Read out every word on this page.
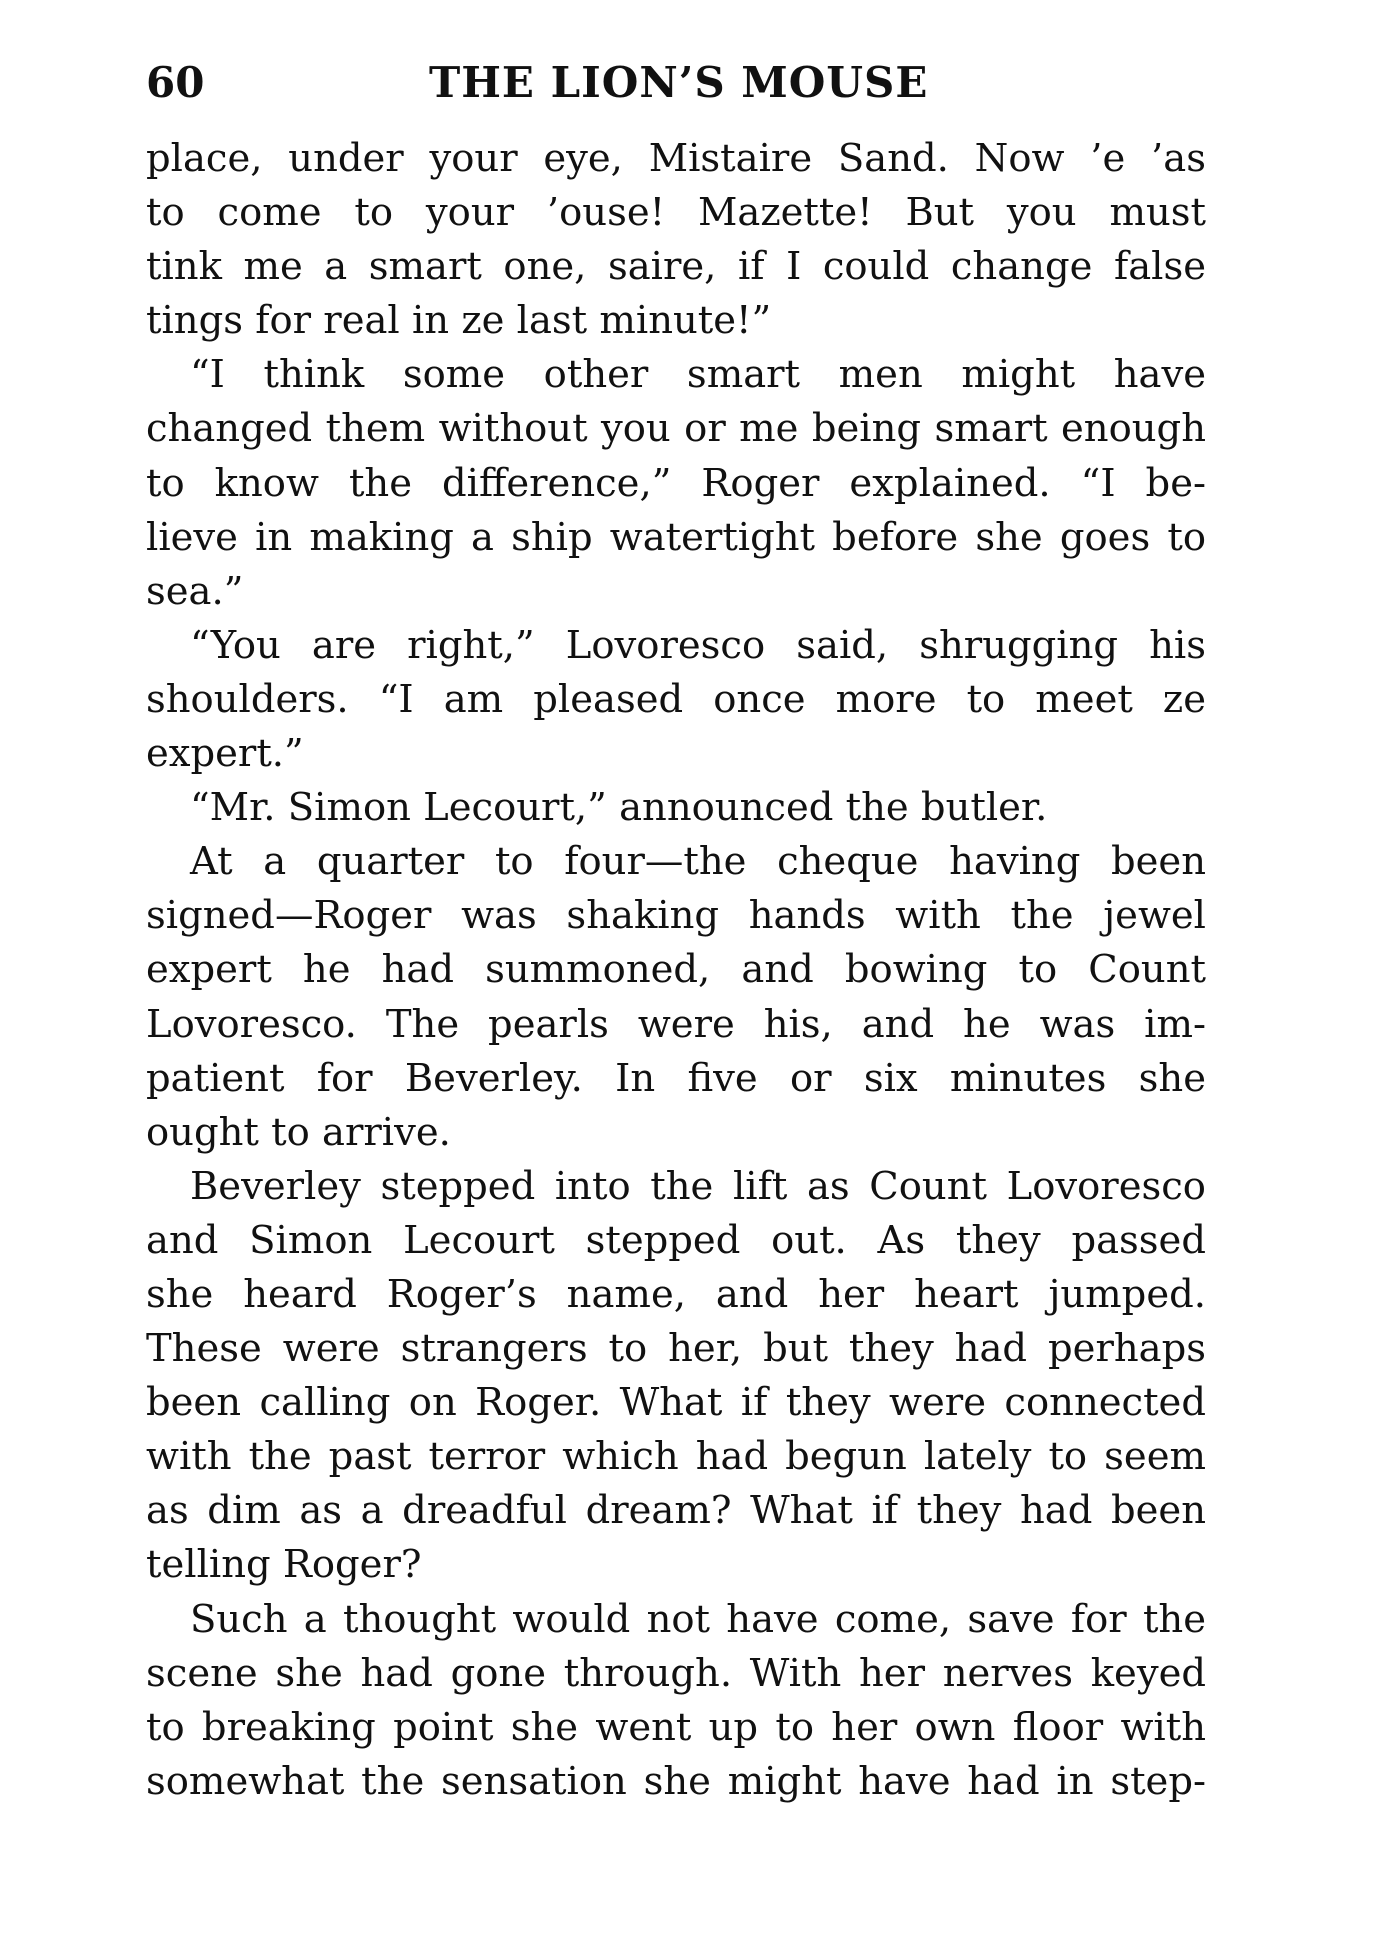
60	THE LION’S MOUSE
place, under your eye, Mistaire Sand. Now ’e ’as
to come to your ’ouse! Mazette! But you must
tink me a smart one, saire, if I could change false
tings for real in ze last minute!”
“I think some other smart men might have
changed them without you or me being smart enough
to know the difference,” Roger explained. “I be-
lieve in making a ship watertight before she goes to
sea.”
“You are right,” Lovoresco said, shrugging his
shoulders. “I am pleased once more to meet ze
expert.”
“Mr. Simon Lecourt,” announced the butler.
At a quarter to four—the cheque having been
signed—Roger was shaking hands with the jewel
expert he had summoned, and bowing to Count
Lovoresco. The pearls were his, and he was im-
patient for Beverley. In five or six minutes she
ought to arrive.
Beverley stepped into the lift as Count Lovoresco
and Simon Lecourt stepped out. As they passed
she heard Roger’s name, and her heart jumped.
These were strangers to her, but they had perhaps
been calling on Roger. What if they were connected
with the past terror which had begun lately to seem
as dim as a dreadful dream? What if they had been
telling Roger?
Such a thought would not have come, save for the
scene she had gone through. With her nerves keyed
to breaking point she went up to her own floor with
somewhat the sensation she might have had in step-
